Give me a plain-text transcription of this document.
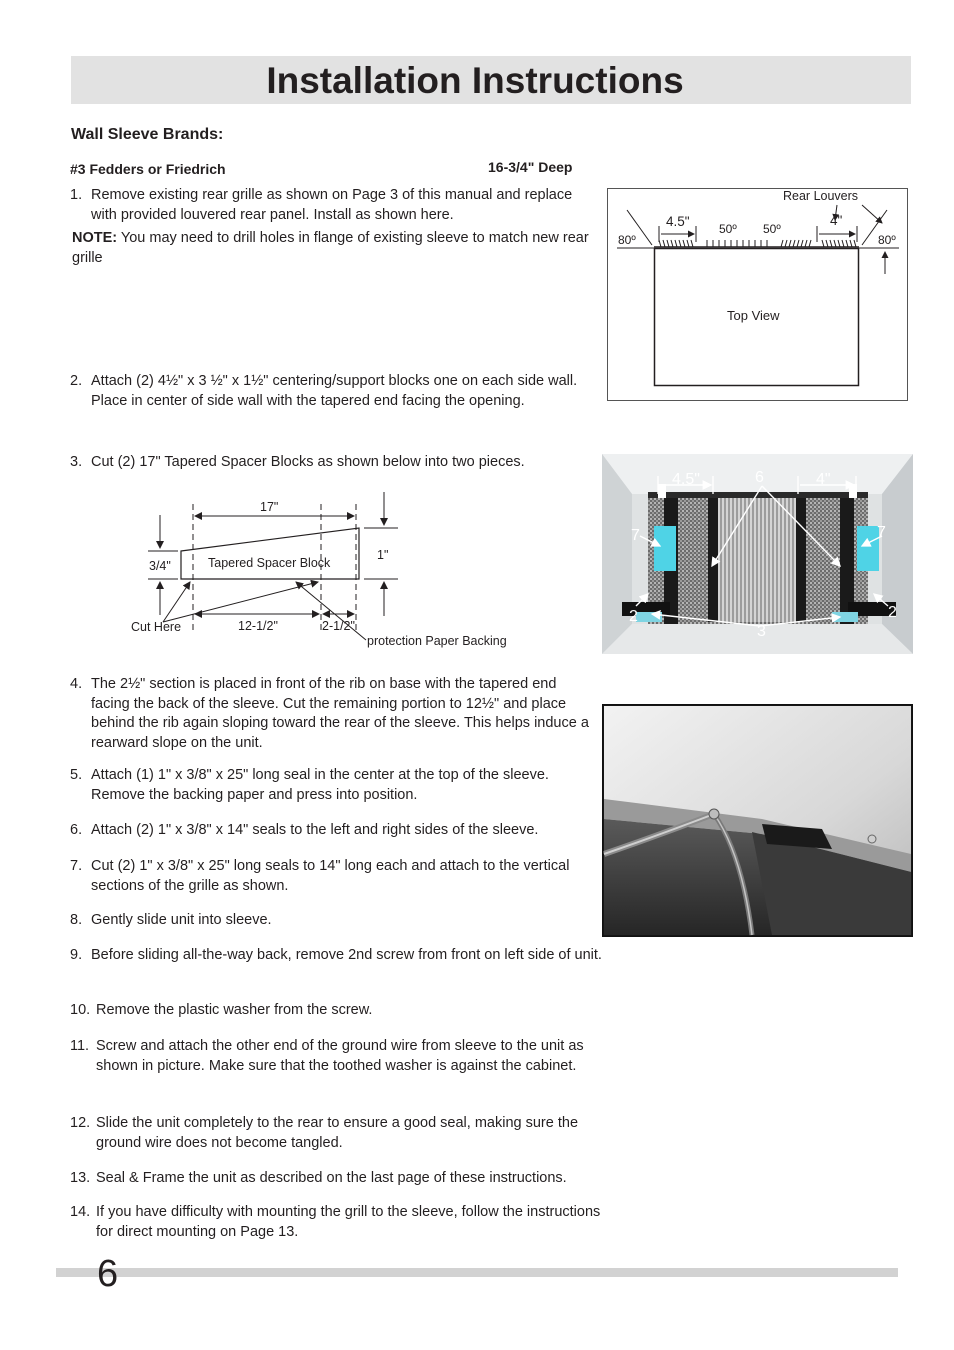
Installation Instructions
Wall Sleeve Brands:
#3 Fedders or Friedrich	16-3/4" Deep
1. Remove existing rear grille as shown on Page 3 of this manual and replace with provided louvered rear panel. Install as shown here.
NOTE: You may need to drill holes in flange of existing sleeve to match new rear grille
2. Attach (2) 4½" x 3 ½" x 1½" centering/support blocks one on each side wall. Place in center of side wall with the tapered end facing the opening.
3. Cut (2) 17" Tapered Spacer Blocks as shown below into two pieces.
4. The 2½" section is placed in front of the rib on base with the tapered end facing the back of the sleeve. Cut the remaining portion to 12½" and place behind the rib again sloping toward the rear of the sleeve. This helps induce a rearward slope on the unit.
5. Attach (1) 1" x 3/8" x 25" long seal in the center at the top of the sleeve. Remove the backing paper and press into position.
6. Attach (2) 1" x 3/8" x 14" seals to the left and right sides of the sleeve.
7. Cut (2) 1" x 3/8" x 25" long seals to 14" long each and attach to the vertical sections of the grille as shown.
8. Gently slide unit into sleeve.
9. Before sliding all-the-way back, remove 2nd screw from front on left side of unit.
10. Remove the plastic washer from the screw.
11. Screw and attach the other end of the ground wire from sleeve to the unit as shown in picture. Make sure that the toothed washer is against the cabinet.
12. Slide the unit completely to the rear to ensure a good seal, making sure the ground wire does not become tangled.
13. Seal & Frame the unit as described on the last page of these instructions.
14. If you have difficulty with mounting the grill to the sleeve, follow the instructions for direct mounting on Page 13.
Rear Louvers
4.5"	4"
80º
50º 50º
80º
Top View
17"
3/4"
1"
Tapered Spacer Block
Cut Here	12-1/2"	2-1/2"
protection Paper Backing
4.5"	6	4"
7	7
2	2
3
6
